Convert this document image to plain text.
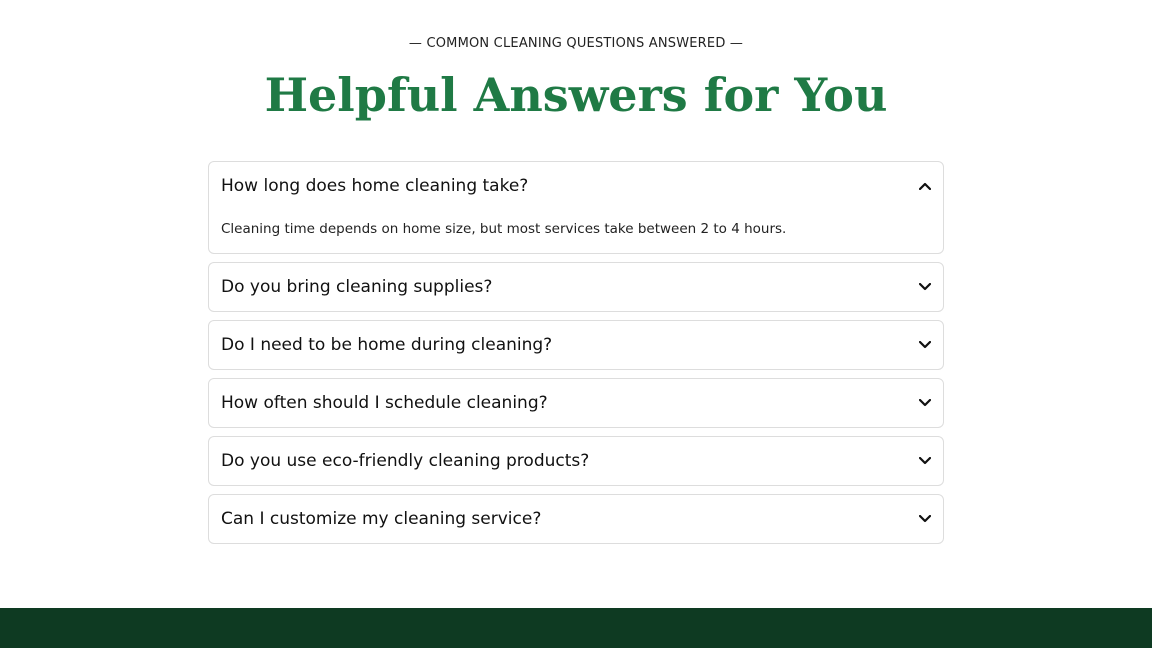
— COMMON CLEANING QUESTIONS ANSWERED —
Helpful Answers for You
How long does home cleaning take?
Cleaning time depends on home size, but most services take between 2 to 4 hours.
Do you bring cleaning supplies?
Do I need to be home during cleaning?
How often should I schedule cleaning?
Do you use eco-friendly cleaning products?
Can I customize my cleaning service?
